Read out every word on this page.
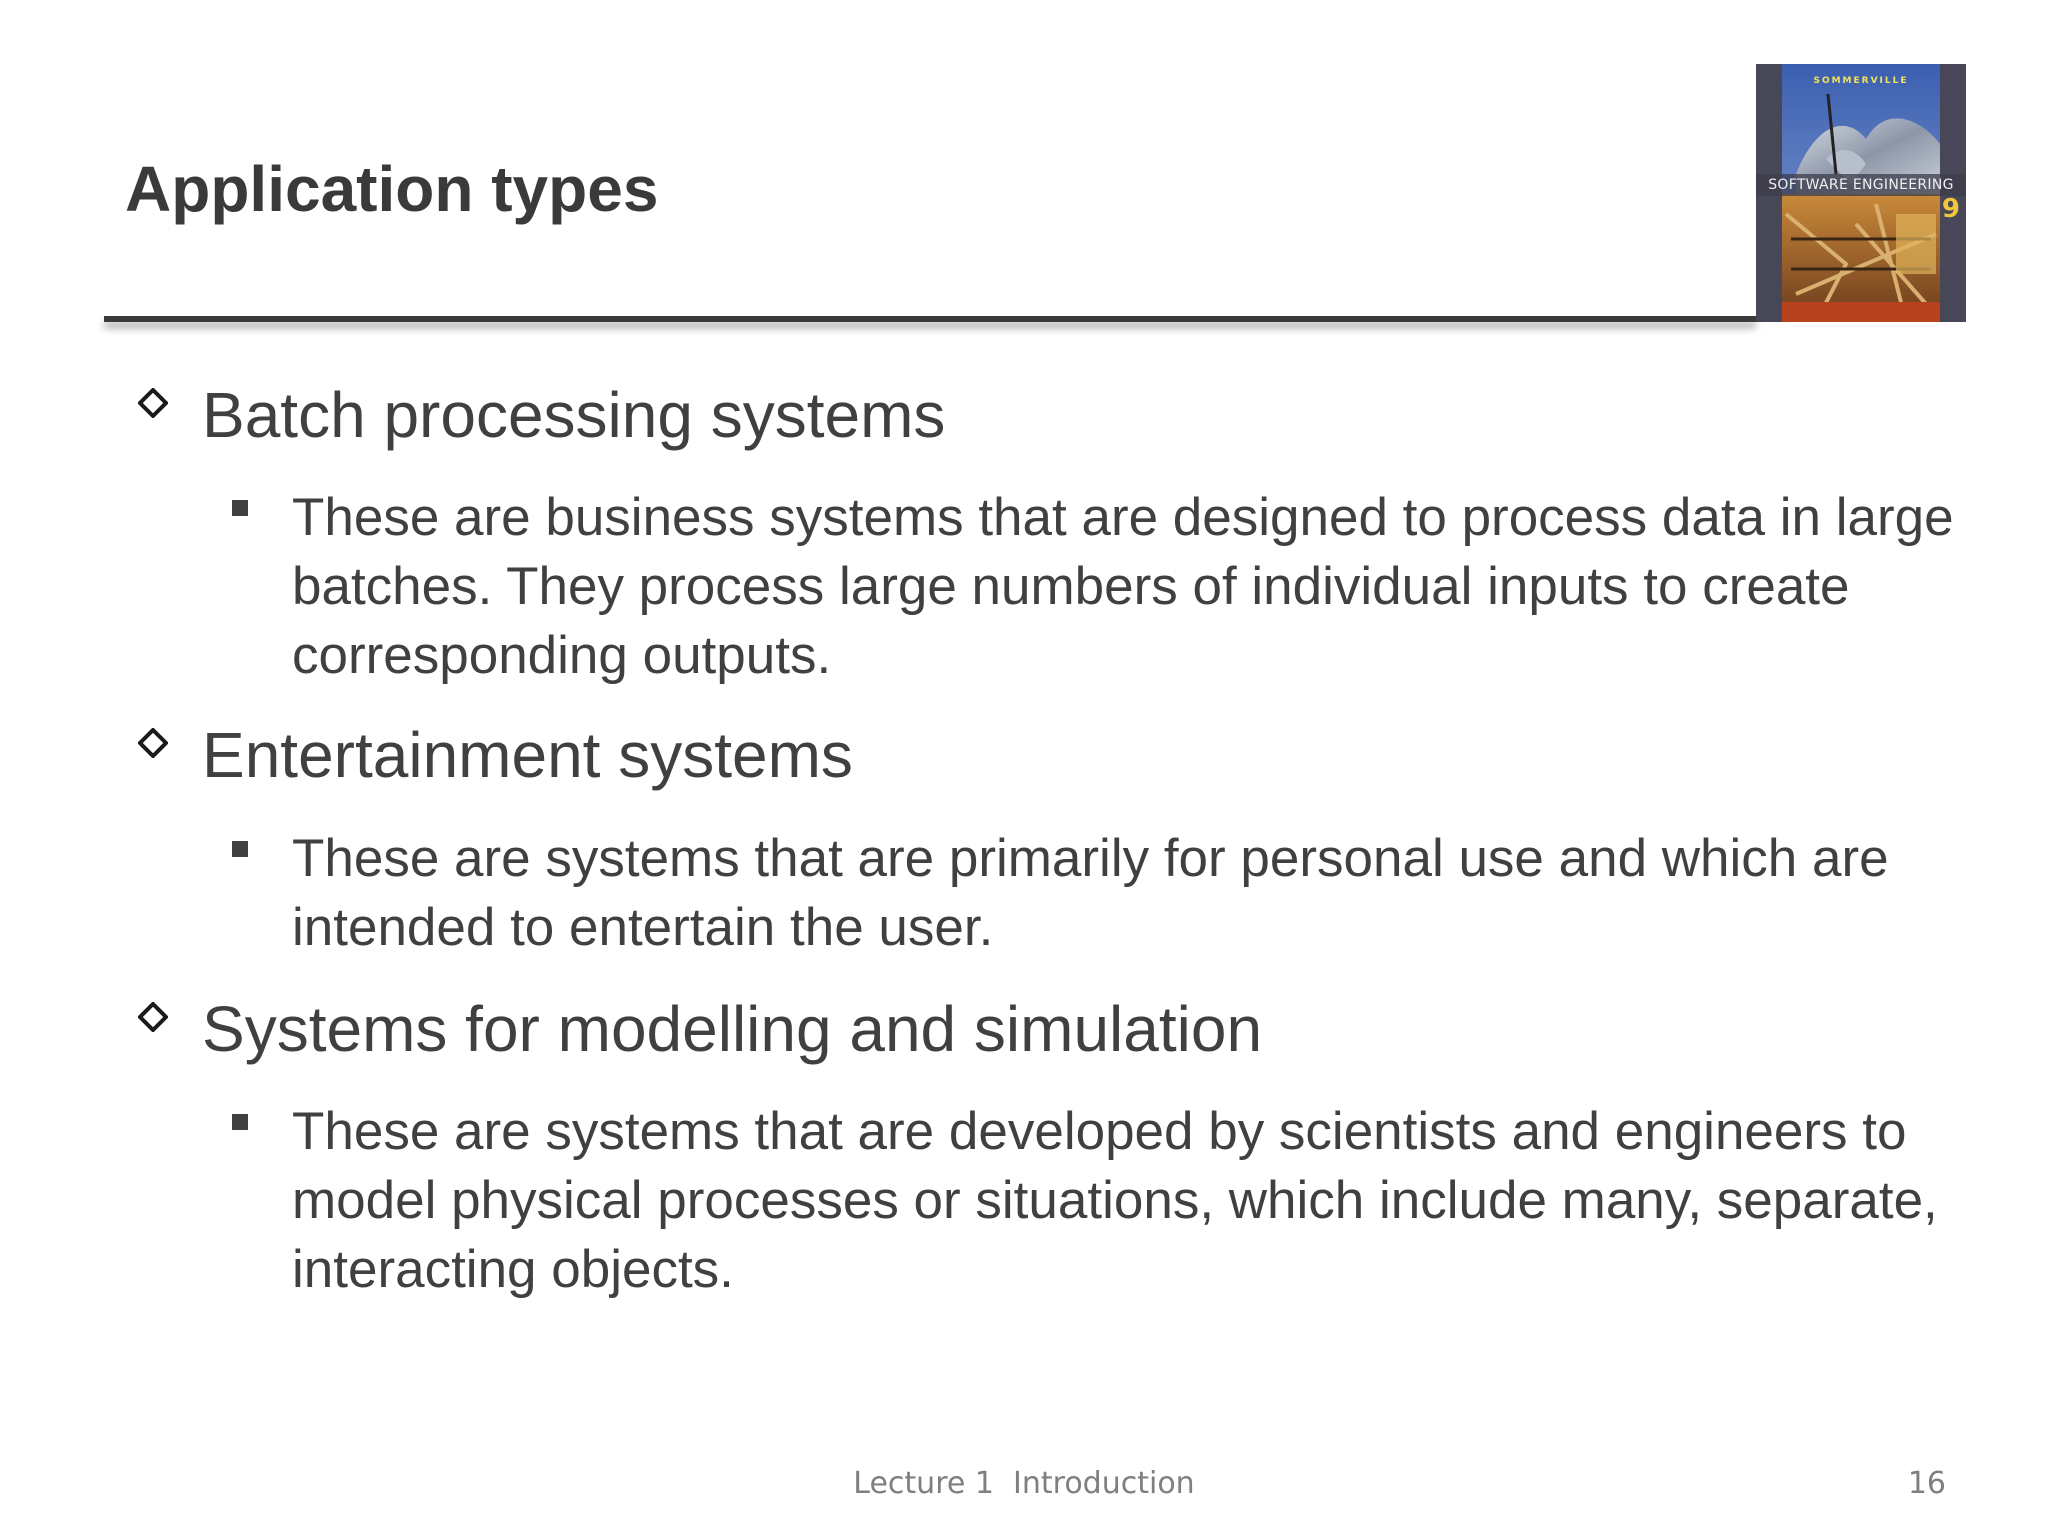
Application types
SOMMERVILLE
SOFTWARE ENGINEERING
9
Batch processing systems
These are business systems that are designed to process data in large batches. They process large numbers of individual inputs to create corresponding outputs.
Entertainment systems
These are systems that are primarily for personal use and which are intended to entertain the user.
Systems for modelling and simulation
These are systems that are developed by scientists and engineers to model physical processes or situations, which include many, separate, interacting objects.
Lecture 1  Introduction	16
